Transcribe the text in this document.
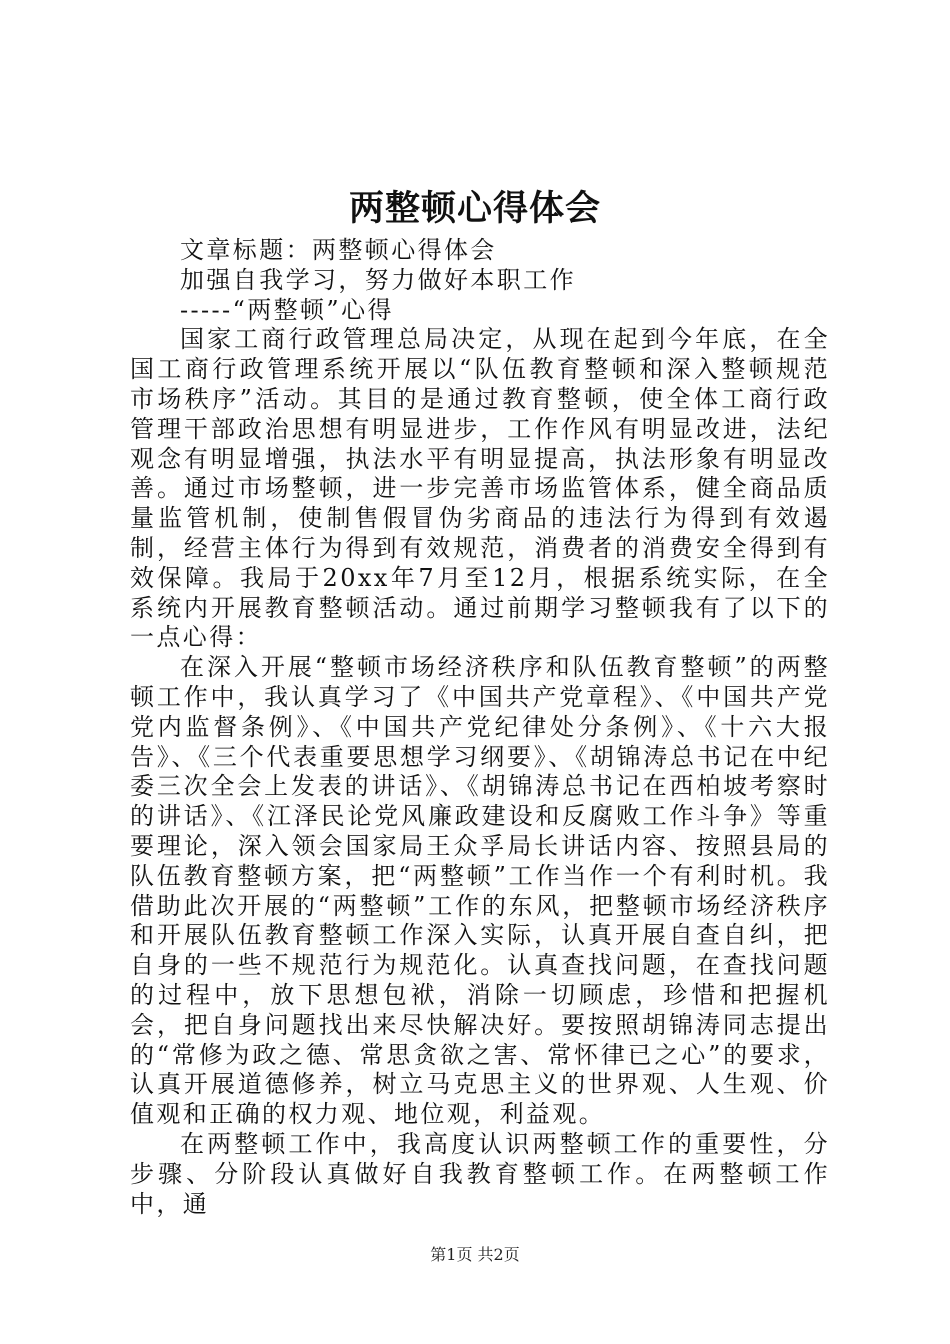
两整顿心得体会

文章标题：两整顿心得体会

加强自我学习，努力做好本职工作

-----“两整顿”心得

国家工商行政管理总局决定，从现在起到今年底，在全国工商行政管理系统开展以“队伍教育整顿和深入整顿规范市场秩序”活动。其目的是通过教育整顿，使全体工商行政管理干部政治思想有明显进步，工作作风有明显改进，法纪观念有明显增强，执法水平有明显提高，执法形象有明显改善。通过市场整顿，进一步完善市场监管体系，健全商品质量监管机制，使制售假冒伪劣商品的违法行为得到有效遏制，经营主体行为得到有效规范，消费者的消费安全得到有效保障。我局于20xx年7月至12月，根据系统实际，在全系统内开展教育整顿活动。通过前期学习整顿我有了以下的一点心得：

在深入开展“整顿市场经济秩序和队伍教育整顿”的两整顿工作中，我认真学习了《中国共产党章程》、《中国共产党党内监督条例》、《中国共产党纪律处分条例》、《十六大报告》、《三个代表重要思想学习纲要》、《胡锦涛总书记在中纪委三次全会上发表的讲话》、《胡锦涛总书记在西柏坡考察时的讲话》、《江泽民论党风廉政建设和反腐败工作斗争》等重要理论，深入领会国家局王众孚局长讲话内容、按照县局的队伍教育整顿方案，把“两整顿”工作当作一个有利时机。我借助此次开展的“两整顿”工作的东风，把整顿市场经济秩序和开展队伍教育整顿工作深入实际，认真开展自查自纠，把自身的一些不规范行为规范化。认真查找问题，在查找问题的过程中，放下思想包袱，消除一切顾虑，珍惜和把握机会，把自身问题找出来尽快解决好。要按照胡锦涛同志提出的“常修为政之德、常思贪欲之害、常怀律已之心”的要求，认真开展道德修养，树立马克思主义的世界观、人生观、价值观和正确的权力观、地位观，利益观。

在两整顿工作中，我高度认识两整顿工作的重要性，分步骤、分阶段认真做好自我教育整顿工作。在两整顿工作中，通

第1页 共2页
